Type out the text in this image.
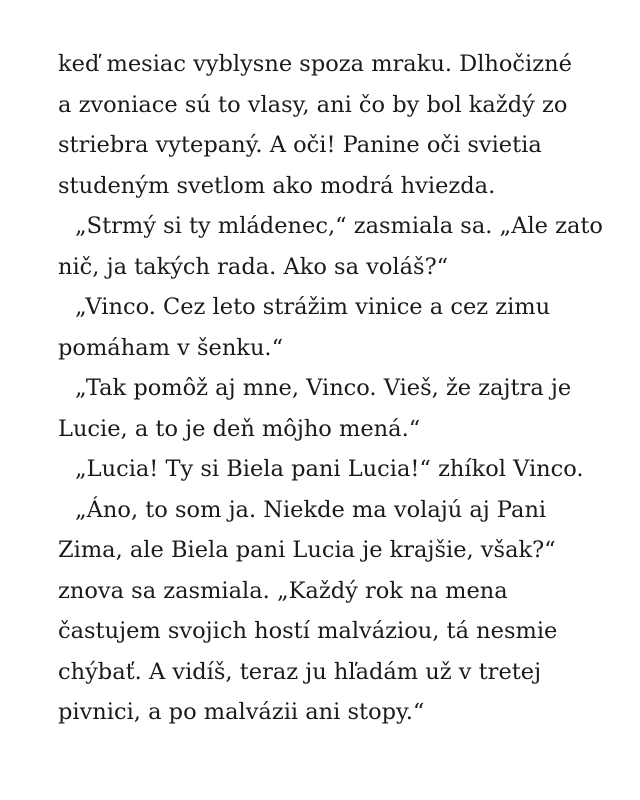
keď mesiac vyblysne spoza mraku. Dlhočizné
a zvoniace sú to vlasy, ani čo by bol každý zo
striebra vytepaný. A oči! Panine oči svietia
studeným svetlom ako modrá hviezda.
„Strmý si ty mládenec,“ zasmiala sa. „Ale zato
nič, ja takých rada. Ako sa voláš?“
„Vinco. Cez leto strážim vinice a cez zimu
pomáham v šenku.“
„Tak pomôž aj mne, Vinco. Vieš, že zajtra je
Lucie, a to je deň môjho mená.“
„Lucia! Ty si Biela pani Lucia!“ zhíkol Vinco.
„Áno, to som ja. Niekde ma volajú aj Pani
Zima, ale Biela pani Lucia je krajšie, však?“
znova sa zasmiala. „Každý rok na mena
častujem svojich hostí malváziou, tá nesmie
chýbať. A vidíš, teraz ju hľadám už v tretej
pivnici, a po malvázii ani stopy.“
